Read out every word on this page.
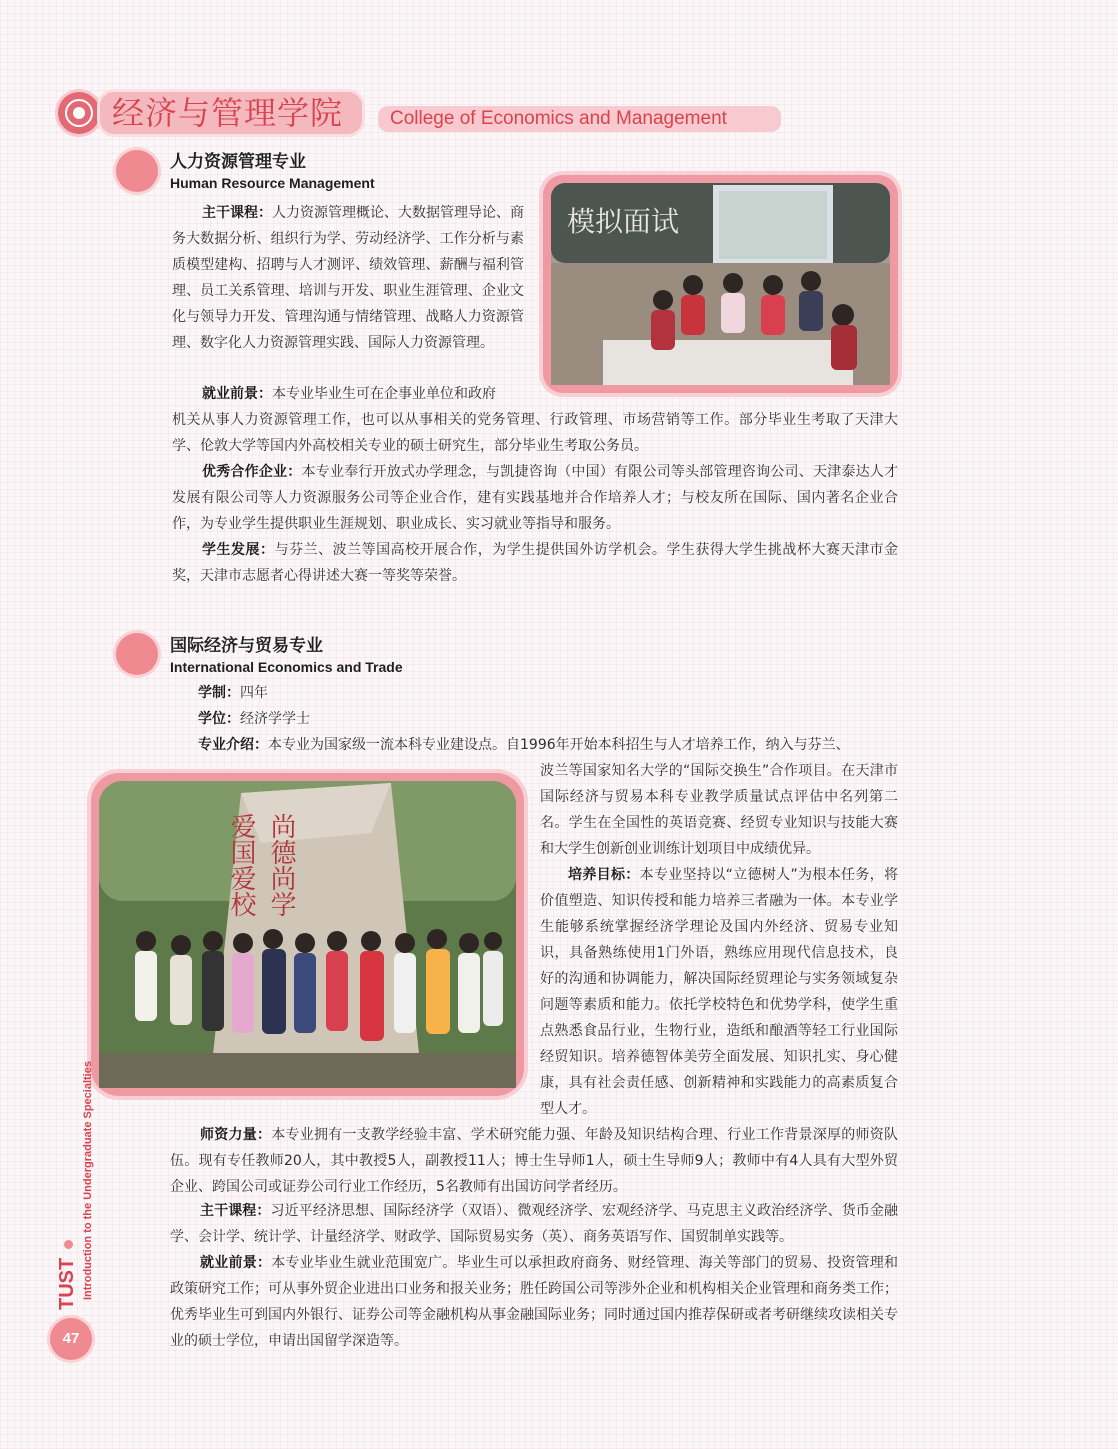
经济与管理学院 College of Economics and Management
人力资源管理专业
Human Resource Management
模拟面试
主干课程：人力资源管理概论、大数据管理导论、商务大数据分析、组织行为学、劳动经济学、工作分析与素质模型建构、招聘与人才测评、绩效管理、薪酬与福利管理、员工关系管理、培训与开发、职业生涯管理、企业文化与领导力开发、管理沟通与情绪管理、战略人力资源管理、数字化人力资源管理实践、国际人力资源管理。
就业前景：本专业毕业生可在企事业单位和政府
机关从事人力资源管理工作，也可以从事相关的党务管理、行政管理、市场营销等工作。部分毕业生考取了天津大学、伦敦大学等国内外高校相关专业的硕士研究生，部分毕业生考取公务员。
优秀合作企业：本专业奉行开放式办学理念，与凯捷咨询（中国）有限公司等头部管理咨询公司、天津泰达人才发展有限公司等人力资源服务公司等企业合作，建有实践基地并合作培养人才；与校友所在国际、国内著名企业合作，为专业学生提供职业生涯规划、职业成长、实习就业等指导和服务。
学生发展：与芬兰、波兰等国高校开展合作，为学生提供国外访学机会。学生获得大学生挑战杯大赛天津市金奖，天津市志愿者心得讲述大赛一等奖等荣誉。
国际经济与贸易专业
International Economics and Trade
学制：四年
学位：经济学学士
专业介绍：本专业为国家级一流本科专业建设点。自1996年开始本科招生与人才培养工作，纳入与芬兰、
波兰等国家知名大学的“国际交换生”合作项目。在天津市国际经济与贸易本科专业教学质量试点评估中名列第二名。学生在全国性的英语竞赛、经贸专业知识与技能大赛和大学生创新创业训练计划项目中成绩优异。
培养目标：本专业坚持以“立德树人”为根本任务，将价值塑造、知识传授和能力培养三者融为一体。本专业学生能够系统掌握经济学理论及国内外经济、贸易专业知识，具备熟练使用1门外语，熟练应用现代信息技术，良好的沟通和协调能力，解决国际经贸理论与实务领域复杂问题等素质和能力。依托学校特色和优势学科，使学生重点熟悉食品行业，生物行业，造纸和酿酒等轻工行业国际经贸知识。培养德智体美劳全面发展、知识扎实、身心健康，具有社会责任感、创新精神和实践能力的高素质复合型人才。
尚德尚学
爱国爱校
师资力量：本专业拥有一支教学经验丰富、学术研究能力强、年龄及知识结构合理、行业工作背景深厚的师资队伍。现有专任教师20人，其中教授5人，副教授11人；博士生导师1人，硕士生导师9人；教师中有4人具有大型外贸企业、跨国公司或证券公司行业工作经历，5名教师有出国访问学者经历。
主干课程：习近平经济思想、国际经济学（双语）、微观经济学、宏观经济学、马克思主义政治经济学、货币金融学、会计学、统计学、计量经济学、财政学、国际贸易实务（英）、商务英语写作、国贸制单实践等。
就业前景：本专业毕业生就业范围宽广。毕业生可以承担政府商务、财经管理、海关等部门的贸易、投资管理和政策研究工作；可从事外贸企业进出口业务和报关业务；胜任跨国公司等涉外企业和机构相关企业管理和商务类工作；优秀毕业生可到国内外银行、证券公司等金融机构从事金融国际业务；同时通过国内推荐保研或者考研继续攻读相关专业的硕士学位，申请出国留学深造等。
TUST Introduction to the Undergraduate Specialties
47
